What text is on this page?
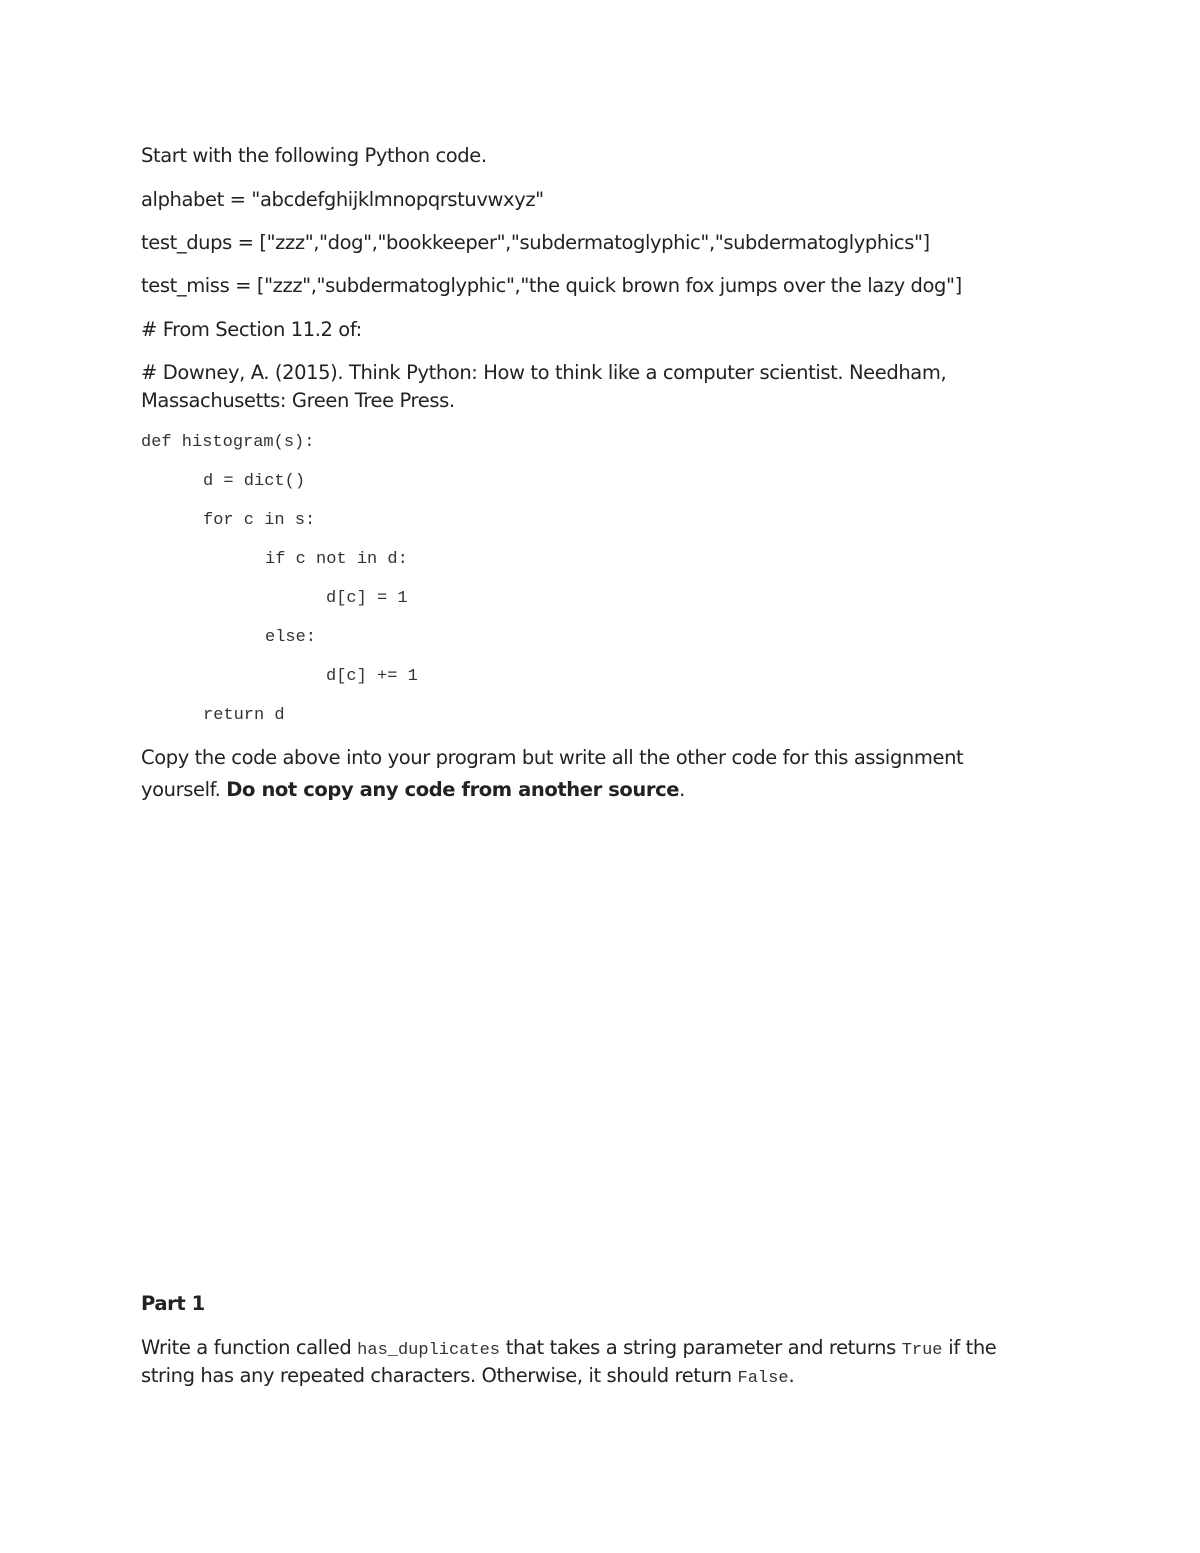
Start with the following Python code.

alphabet = "abcdefghijklmnopqrstuvwxyz"

test_dups = ["zzz","dog","bookkeeper","subdermatoglyphic","subdermatoglyphics"]

test_miss = ["zzz","subdermatoglyphic","the quick brown fox jumps over the lazy dog"]

# From Section 11.2 of:

# Downey, A. (2015). Think Python: How to think like a computer scientist. Needham,

Massachusetts: Green Tree Press.

def histogram(s):

d = dict()

for c in s:

if c not in d:

d[c] = 1

else:

d[c] += 1

return d

Copy the code above into your program but write all the other code for this assignment

yourself. Do not copy any code from another source.

Part 1

Write a function called has_duplicates that takes a string parameter and returns True if the

string has any repeated characters. Otherwise, it should return False.
